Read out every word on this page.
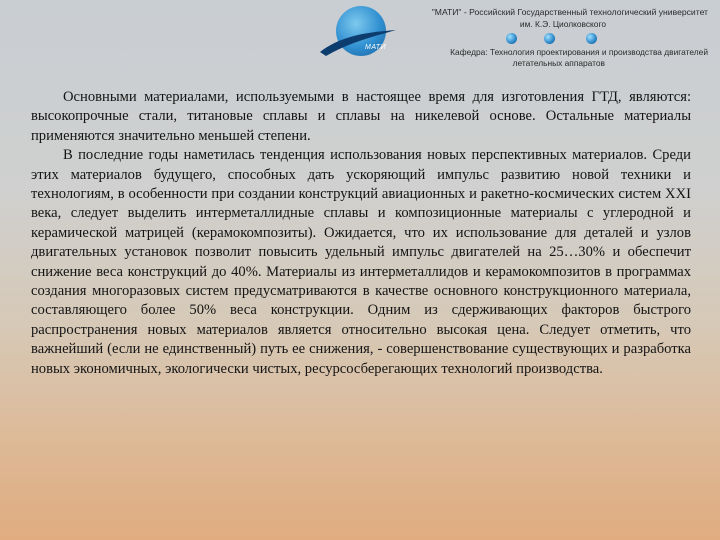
МАТИ
"МАТИ" - Российский Государственный технологический университет
им. К.Э. Циолковского
Кафедра: Технология проектирования и производства двигателей
летательных аппаратов

Основными материалами, используемыми в настоящее время для изготовления ГТД, являются: высокопрочные стали, титановые сплавы и сплавы на никелевой основе. Остальные материалы применяются значительно меньшей степени.

В последние годы наметилась тенденция использования новых перспективных материалов. Среди этих материалов будущего, способных дать ускоряющий импульс развитию новой техники и технологиям, в особенности при создании конструкций авиационных и ракетно-космических систем XXI века, следует выделить интерметаллидные сплавы и композиционные материалы с углеродной и керамической матрицей (керамокомпозиты). Ожидается, что их использование для деталей и узлов двигательных установок позволит повысить удельный импульс двигателей на 25…30% и обеспечит снижение веса конструкций до 40%. Материалы из интерметаллидов и керамокомпозитов в программах создания многоразовых систем предусматриваются в качестве основного конструкционного материала, составляющего более 50% веса конструкции. Одним из сдерживающих факторов быстрого распространения новых материалов является относительно высокая цена. Следует отметить, что важнейший (если не единственный) путь ее снижения, - совершенствование существующих и разработка новых экономичных, экологически чистых, ресурсосберегающих технологий производства.
